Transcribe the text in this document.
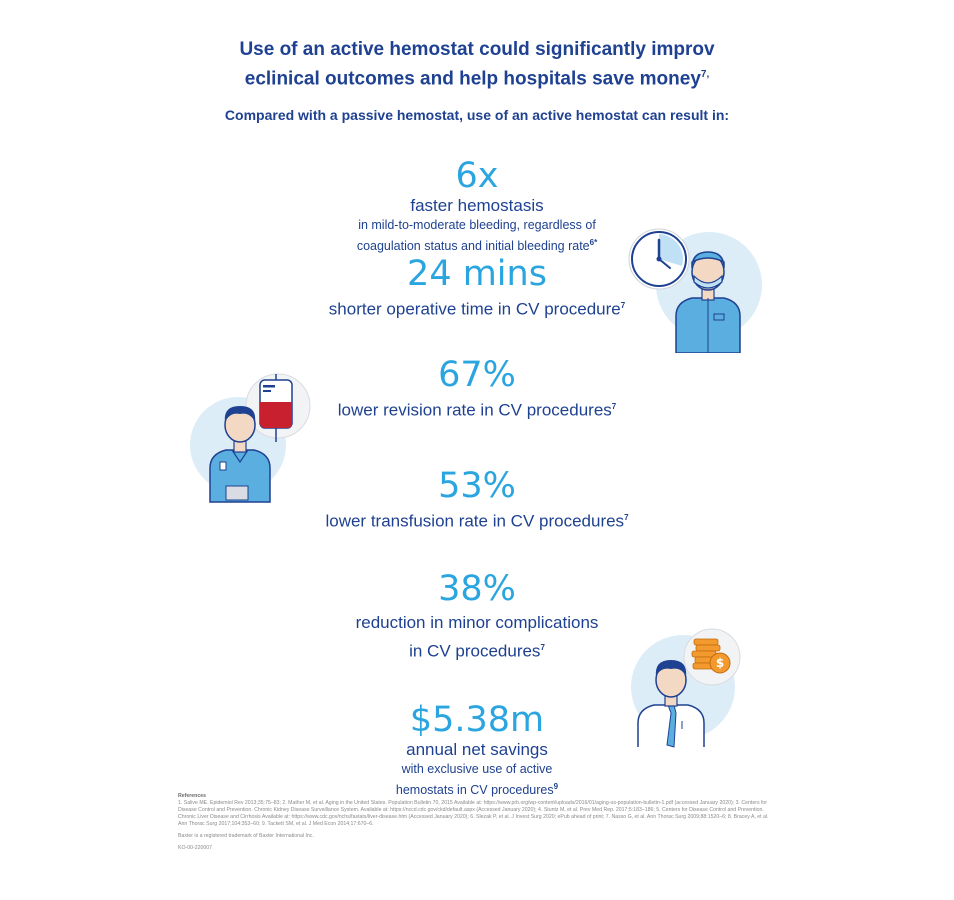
Use of an active hemostat could significantly improv
eclinical outcomes and help hospitals save money$^{7,}$
Compared with a passive hemostat, use of an active hemostat can result in:
6x
faster hemostasis
in mild-to-moderate bleeding, regardless of
coagulation status and initial bleeding rate$^{6*}$
24 mins
shorter operative time in CV procedure$^7$
67%
lower revision rate in CV procedures$^7$
53%
lower transfusion rate in CV procedures$^7$
38%
reduction in minor complications
in CV procedures$^7$
$5.38m
annual net savings
with exclusive use of active
hemostats in CV procedures$^9$
$

References

1. Salive ME. Epidemiol Rev 2013;35:75–83; 2. Mather M, et al. Aging in the United States. Population Bulletin 70, 2015 Available at: https://www.prb.org/wp-content/uploads/2016/01/aging-us-population-bulletin-1.pdf (accessed January 2020); 3. Centers for Disease Control and Prevention. Chronic Kidney Disease Surveillance System. Available at: https://nccd.cdc.gov/ckd/default.aspx (Accessed January 2020); 4. Stuntz M, et al. Prev Med Rep. 2017;5:183–186; 5. Centers for Disease Control and Prevention. Chronic Liver Disease and Cirrhosis Available at: https://www.cdc.gov/nchs/fastats/liver-disease.htm (Accessed January 2020); 6. Slezak P, et al. J Invest Surg 2020; ePub ahead of print; 7. Nasso G, et al. Ann Thorac Surg 2009;88:1520–6; 8. Bracey A, et al. Ann Thorac Surg 2017;104:353–60; 9. Tackett SM, et al. J Med Econ 2014;17:670–6.

Baxter is a registered trademark of Baxter International Inc.

KO-00-220007
